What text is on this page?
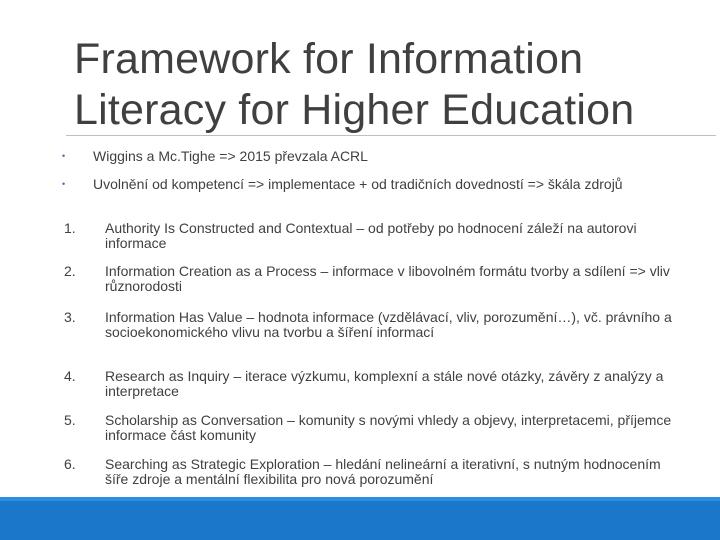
Framework for Information
Literacy for Higher Education
• Wiggins a Mc.Tighe => 2015 převzala ACRL
• Uvolnění od kompetencí => implementace + od tradičních dovedností => škála zdrojů
1. Authority Is Constructed and Contextual – od potřeby po hodnocení záleží na autorovi informace
2. Information Creation as a Process – informace v libovolném formátu tvorby a sdílení => vliv různorodosti
3. Information Has Value – hodnota informace (vzdělávací, vliv, porozumění…), vč. právního a socioekonomického vlivu na tvorbu a šíření informací
4. Research as Inquiry – iterace výzkumu, komplexní a stále nové otázky, závěry z analýzy a interpretace
5. Scholarship as Conversation – komunity s novými vhledy a objevy, interpretacemi, příjemce informace část komunity
6. Searching as Strategic Exploration – hledání nelineární a iterativní, s nutným hodnocením šíře zdroje a mentální flexibilita pro nová porozumění
